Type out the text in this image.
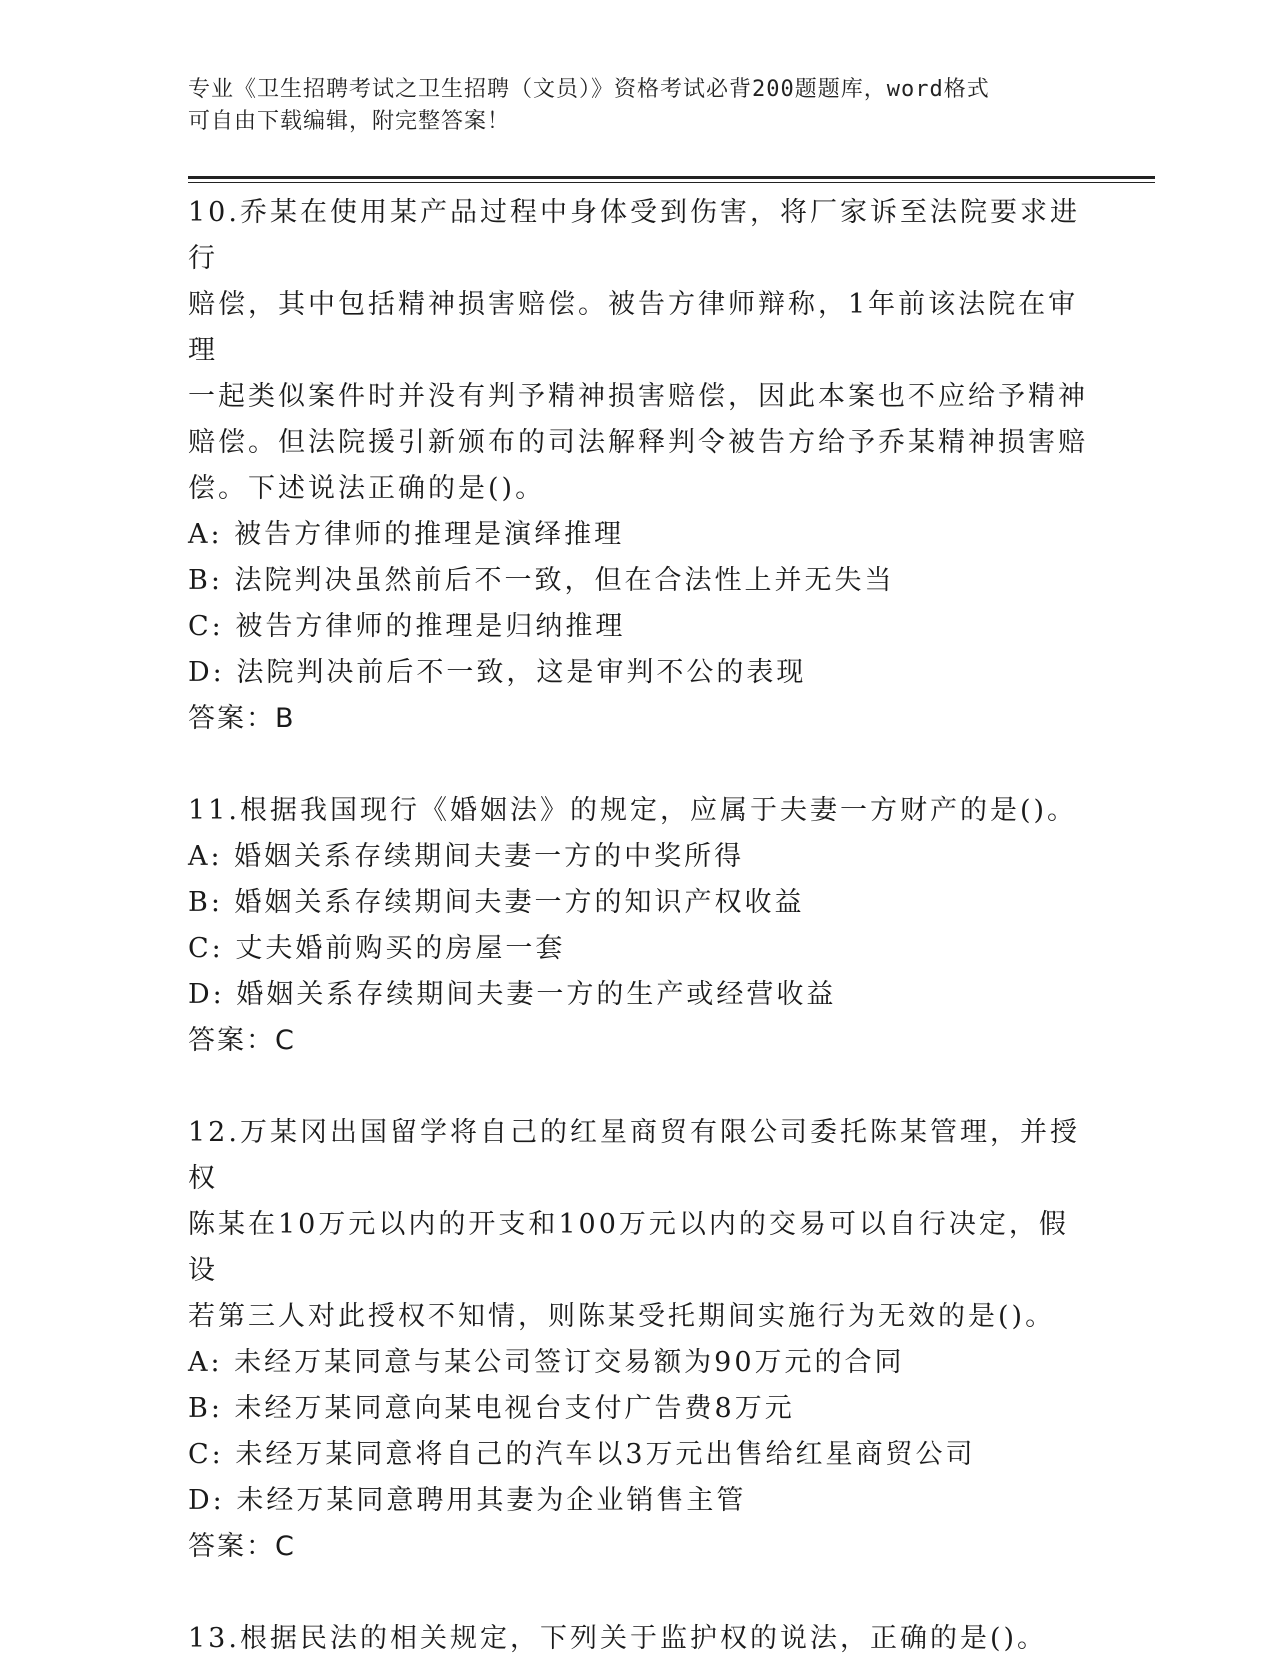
专业《卫生招聘考试之卫生招聘（文员）》资格考试必背200题题库，word格式
可自由下载编辑，附完整答案！

10.乔某在使用某产品过程中身体受到伤害，将厂家诉至法院要求进行

赔偿，其中包括精神损害赔偿。被告方律师辩称，1年前该法院在审理

一起类似案件时并没有判予精神损害赔偿，因此本案也不应给予精神

赔偿。但法院援引新颁布的司法解释判令被告方给予乔某精神损害赔

偿。下述说法正确的是()。

A: 被告方律师的推理是演绎推理

B: 法院判决虽然前后不一致，但在合法性上并无失当

C: 被告方律师的推理是归纳推理

D: 法院判决前后不一致，这是审判不公的表现

答案：B

11.根据我国现行《婚姻法》的规定，应属于夫妻一方财产的是()。

A: 婚姻关系存续期间夫妻一方的中奖所得

B: 婚姻关系存续期间夫妻一方的知识产权收益

C: 丈夫婚前购买的房屋一套

D: 婚姻关系存续期间夫妻一方的生产或经营收益

答案：C

12.万某冈出国留学将自己的红星商贸有限公司委托陈某管理，并授权

陈某在10万元以内的开支和100万元以内的交易可以自行决定，假设

若第三人对此授权不知情，则陈某受托期间实施行为无效的是()。

A: 未经万某同意与某公司签订交易额为90万元的合同

B: 未经万某同意向某电视台支付广告费8万元

C: 未经万某同意将自己的汽车以3万元出售给红星商贸公司

D: 未经万某同意聘用其妻为企业销售主管

答案：C

13.根据民法的相关规定，下列关于监护权的说法，正确的是()。
